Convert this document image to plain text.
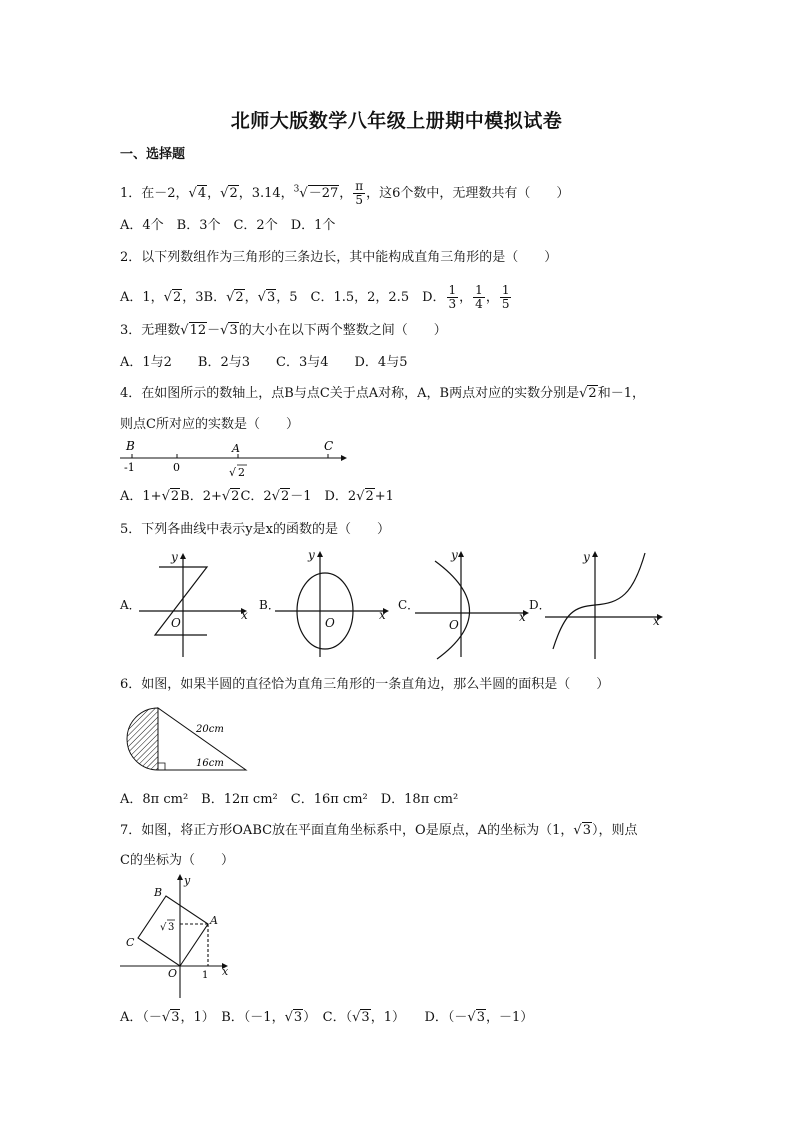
北师大版数学八年级上册期中模拟试卷
一、选择题
1．在－2，√4，√2，3.14，$^3$√－27， $\frac{\pi}{5}$ ，这6个数中，无理数共有（　　）
A．4个　B．3个　C．2个　D．1个
2．以下列数组作为三角形的三条边长，其中能构成直角三角形的是（　　）
A．1，√2，3B．√2，√3，5　C．1.5，2，2.5　D． $\frac{1}{3}$ ， $\frac{1}{4}$ ， $\frac{1}{5}$
3．无理数√12－√3的大小在以下两个整数之间（　　）
A．1与2　　B．2与3　　C．3与4　　D．4与5
4．在如图所示的数轴上，点B与点C关于点A对称，A，B两点对应的实数分别是√2和－1，
则点C所对应的实数是（　　）
B	A	C
-1	0	√ 2
A．1+√2B．2+√2C．2√2－1　D．2√2+1
5．下列各曲线中表示y是x的函数的是（　　）
A．	B．	C．	D．
y
x
O
y
x
O
y
x
O
y
x
6．如图，如果半圆的直径恰为直角三角形的一条直角边，那么半圆的面积是（　　）
20cm
16cm
A．8π cm²　B．12π cm²　C．16π cm²　D．18π cm²
7．如图，将正方形OABC放在平面直角坐标系中，O是原点，A的坐标为（1，√3），则点
C的坐标为（　　）
B
A
C
O	x
y
1
√ 3
A．（－√3，1）　B．（－1，√3）　C．（√3，1）　　D．（－√3，－1）
